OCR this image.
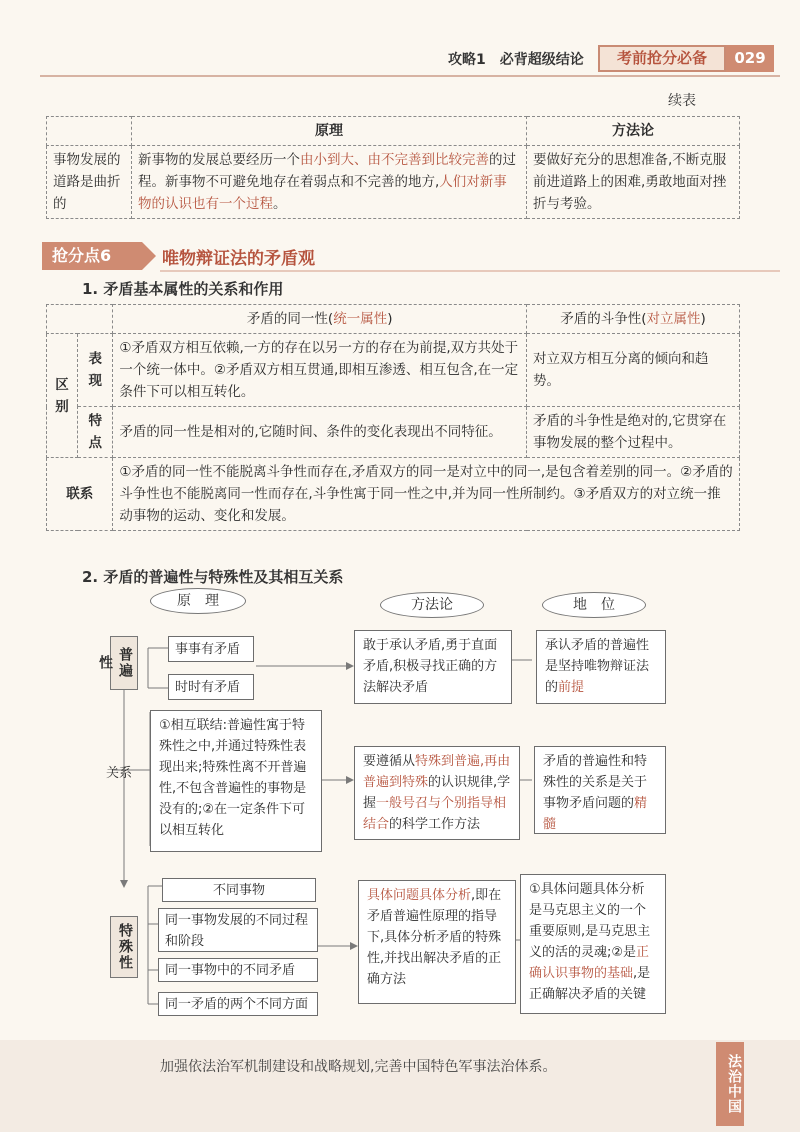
攻略1　必背超级结论	考前抢分必备	029
续表
	原理	方法论
事物发展的道路是曲折的	新事物的发展总要经历一个由小到大、由不完善到比较完善的过程。新事物不可避免地存在着弱点和不完善的地方,人们对新事物的认识也有一个过程。	要做好充分的思想准备,不断克服前进道路上的困难,勇敢地面对挫折与考验。
抢分点6	唯物辩证法的矛盾观
1. 矛盾基本属性的关系和作用
		矛盾的同一性(统一属性)	矛盾的斗争性(对立属性)
区别	表现	①矛盾双方相互依赖,一方的存在以另一方的存在为前提,双方共处于一个统一体中。②矛盾双方相互贯通,即相互渗透、相互包含,在一定条件下可以相互转化。	对立双方相互分离的倾向和趋势。
	特点	矛盾的同一性是相对的,它随时间、条件的变化表现出不同特征。	矛盾的斗争性是绝对的,它贯穿在事物发展的整个过程中。
联系		①矛盾的同一性不能脱离斗争性而存在,矛盾双方的同一是对立中的同一,是包含着差别的同一。②矛盾的斗争性也不能脱离同一性而存在,斗争性寓于同一性之中,并为同一性所制约。③矛盾双方的对立统一推动事物的运动、变化和发展。	
2. 矛盾的普遍性与特殊性及其相互关系
原　理	方法论	地　位
普遍性
事事有矛盾
时时有矛盾
敢于承认矛盾,勇于直面矛盾,积极寻找正确的方法解决矛盾
承认矛盾的普遍性是坚持唯物辩证法的前提
关系
①相互联结:普遍性寓于特殊性之中,并通过特殊性表现出来;特殊性离不开普遍性,不包含普遍性的事物是没有的;②在一定条件下可以相互转化
要遵循从特殊到普遍,再由普遍到特殊的认识规律,学握一般号召与个别指导相结合的科学工作方法
矛盾的普遍性和特殊性的关系是关于事物矛盾问题的精髓
特殊性
不同事物
同一事物发展的不同过程和阶段
同一事物中的不同矛盾
同一矛盾的两个不同方面
具体问题具体分析,即在矛盾普遍性原理的指导下,具体分析矛盾的特殊性,并找出解决矛盾的正确方法
①具体问题具体分析是马克思主义的一个重要原则,是马克思主义的活的灵魂;②是正确认识事物的基础,是正确解决矛盾的关键
加强依法治军机制建设和战略规划,完善中国特色军事法治体系。	法治中国
